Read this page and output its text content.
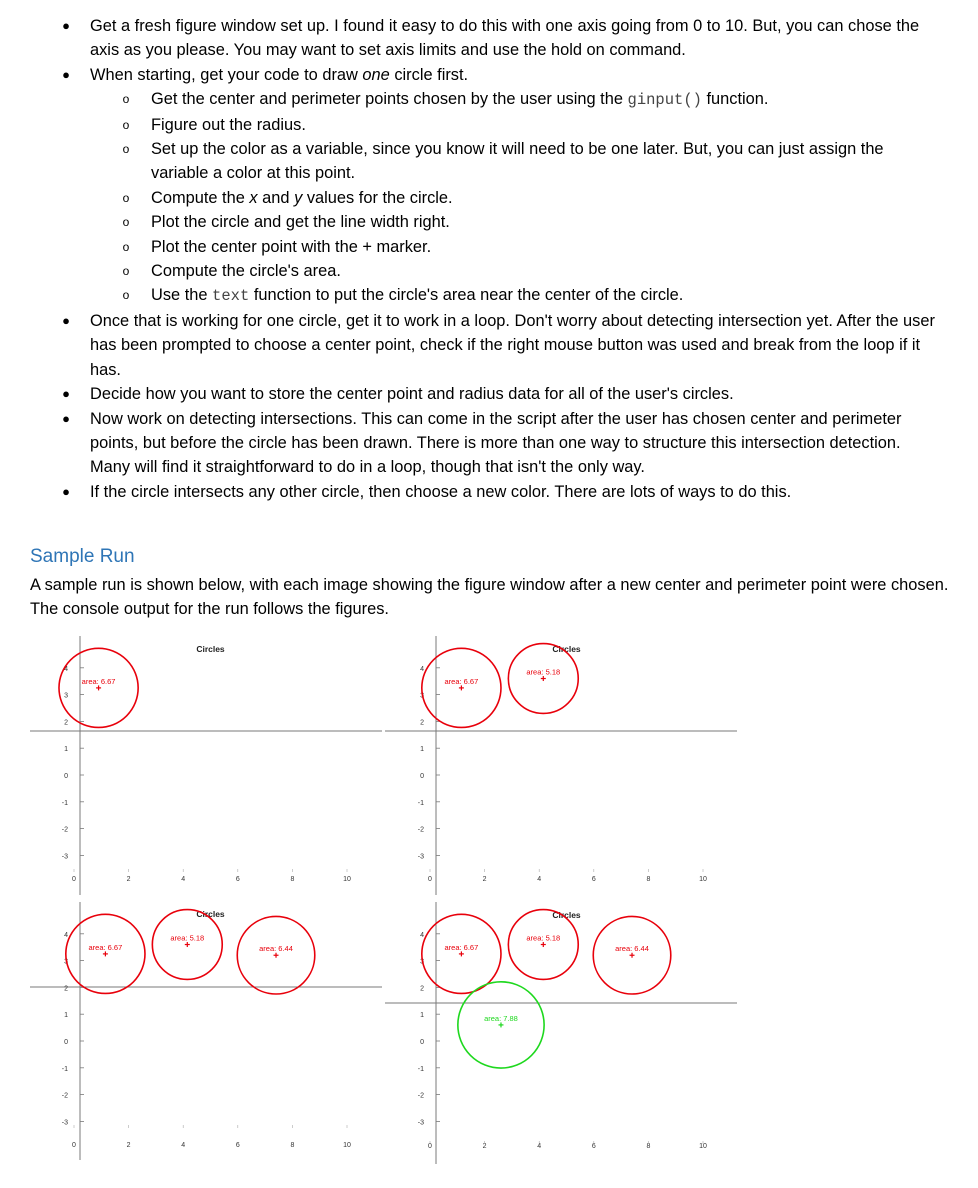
● Get a fresh figure window set up. I found it easy to do this with one axis going from 0 to 10. But, you can chose the axis as you please. You may want to set axis limits and use the hold on command.
● When starting, get your code to draw one circle first.
o Get the center and perimeter points chosen by the user using the ginput() function.
o Figure out the radius.
o Set up the color as a variable, since you know it will need to be one later. But, you can just assign the variable a color at this point.
o Compute the x and y values for the circle.
o Plot the circle and get the line width right.
o Plot the center point with the + marker.
o Compute the circle's area.
o Use the text function to put the circle's area near the center of the circle.
● Once that is working for one circle, get it to work in a loop. Don't worry about detecting intersection yet. After the user has been prompted to choose a center point, check if the right mouse button was used and break from the loop if it has.
● Decide how you want to store the center point and radius data for all of the user's circles.
● Now work on detecting intersections. This can come in the script after the user has chosen center and perimeter points, but before the circle has been drawn. There is more than one way to structure this intersection detection. Many will find it straightforward to do in a loop, though that isn't the only way.
● If the circle intersects any other circle, then choose a new color. There are lots of ways to do this.
Sample Run
A sample run is shown below, with each image showing the figure window after a new center and perimeter point were chosen. The console output for the run follows the figures.
Circles
4
3
2
1
0
-1
-2
-3
0	2	4	6	8	10
area: 6.67
Circles
4
3
2
1
0
-1
-2
-3
0	2	4	6	8	10
area: 6.67
area: 5.18
Circles
4
3
2
1
0
-1
-2
-3
0	2	4	6	8	10
area: 6.67
area: 5.18
area: 6.44
Circles
4
3
2
1
0
-1
-2
-3
0	2	4	6	8	10
area: 6.67
area: 5.18
area: 6.44
area: 7.88
